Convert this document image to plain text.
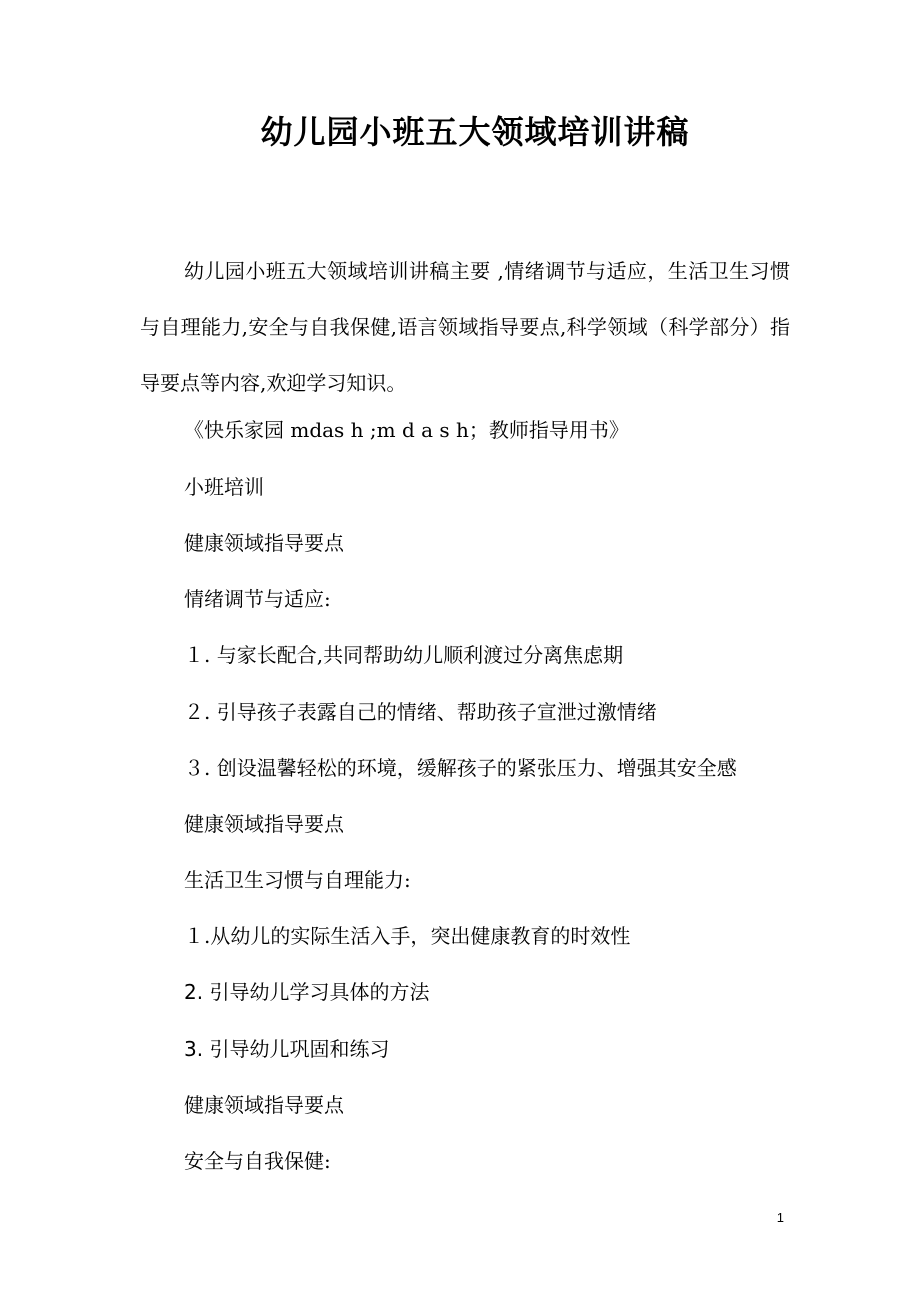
幼儿园小班五大领域培训讲稿

幼儿园小班五大领域培训讲稿主要 ,情绪调节与适应，生活卫生习惯与自理能力,安全与自我保健,语言领域指导要点,科学领域（科学部分）指导要点等内容,欢迎学习知识。

《快乐家园 mdas h ;m d a s h；教师指导用书》

小班培训

健康领域指导要点

情绪调节与适应:

１. 与家长配合,共同帮助幼儿顺利渡过分离焦虑期

２. 引导孩子表露自己的情绪、帮助孩子宣泄过激情绪

３. 创设温馨轻松的环境，缓解孩子的紧张压力、增强其安全感

健康领域指导要点

生活卫生习惯与自理能力:

１.从幼儿的实际生活入手，突出健康教育的时效性

2. 引导幼儿学习具体的方法

3. 引导幼儿巩固和练习

健康领域指导要点

安全与自我保健:

1
